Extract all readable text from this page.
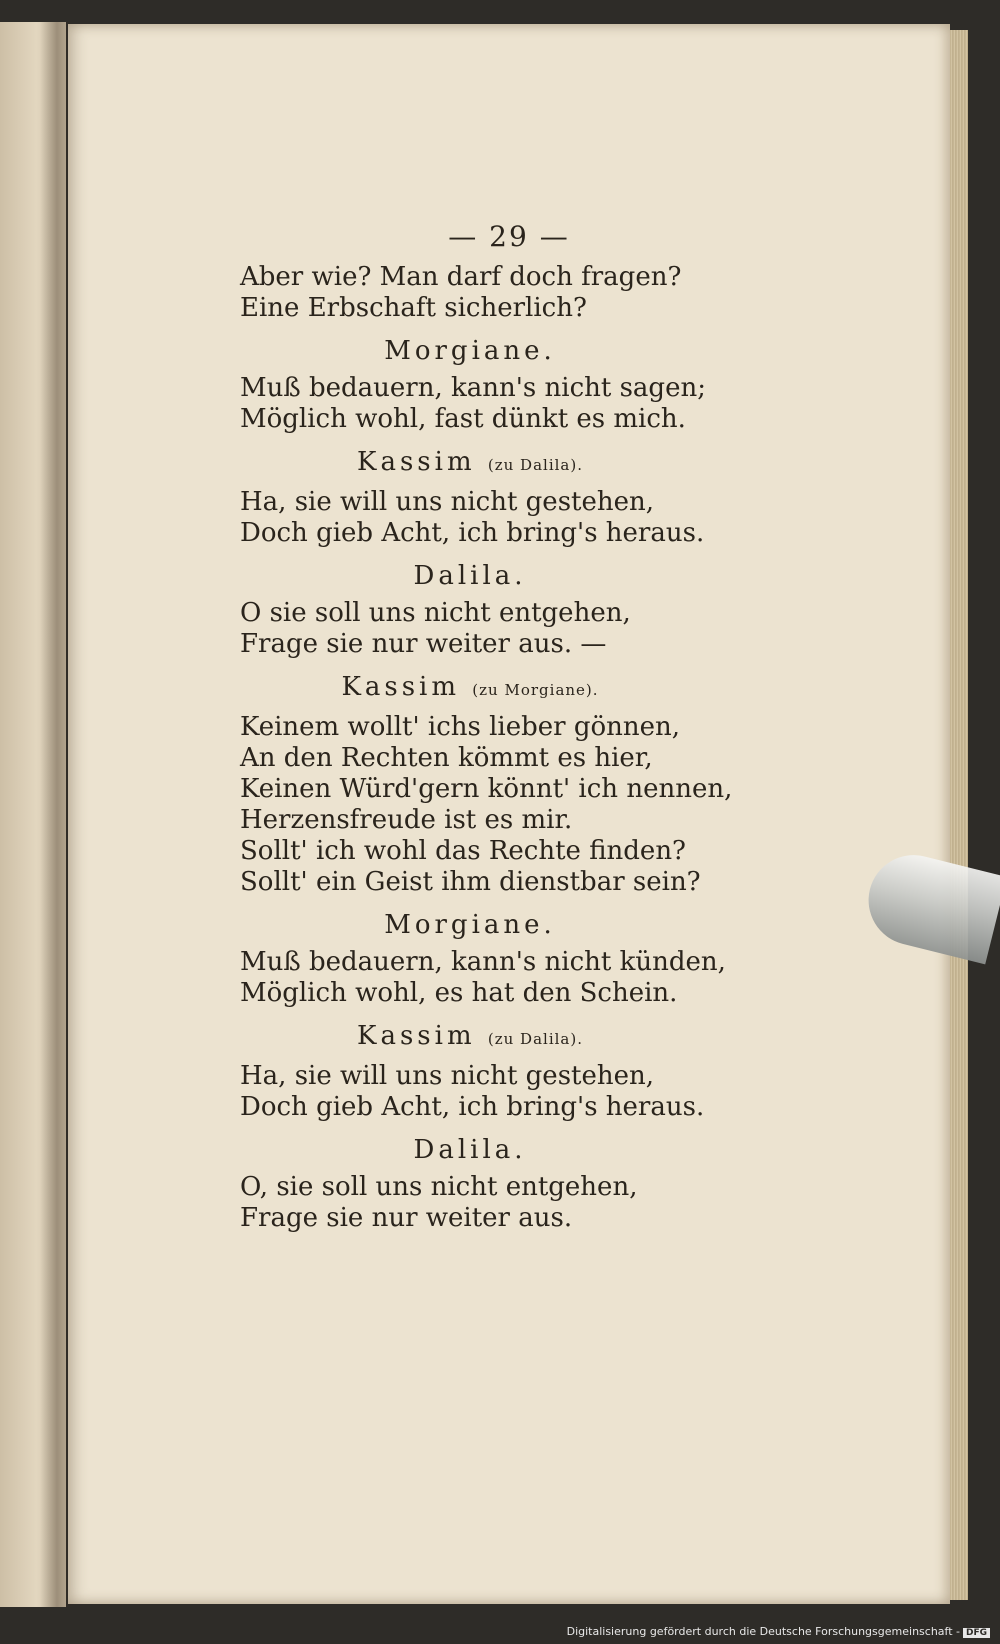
— 29 —
Aber wie? Man darf doch fragen?
Eine Erbschaft sicherlich?
Morgiane.
Muß bedauern, kann's nicht sagen;
Möglich wohl, fast dünkt es mich.
Kassim (zu Dalila).
Ha, sie will uns nicht gestehen,
Doch gieb Acht, ich bring's heraus.
Dalila.
O sie soll uns nicht entgehen,
Frage sie nur weiter aus. —
Kassim (zu Morgiane).
Keinem wollt' ichs lieber gönnen,
An den Rechten kömmt es hier,
Keinen Würd'gern könnt' ich nennen,
Herzensfreude ist es mir.
Sollt' ich wohl das Rechte finden?
Sollt' ein Geist ihm dienstbar sein?
Morgiane.
Muß bedauern, kann's nicht künden,
Möglich wohl, es hat den Schein.
Kassim (zu Dalila).
Ha, sie will uns nicht gestehen,
Doch gieb Acht, ich bring's heraus.
Dalila.
O, sie soll uns nicht entgehen,
Frage sie nur weiter aus.
Digitalisierung gefördert durch die Deutsche Forschungsgemeinschaft - DFG
